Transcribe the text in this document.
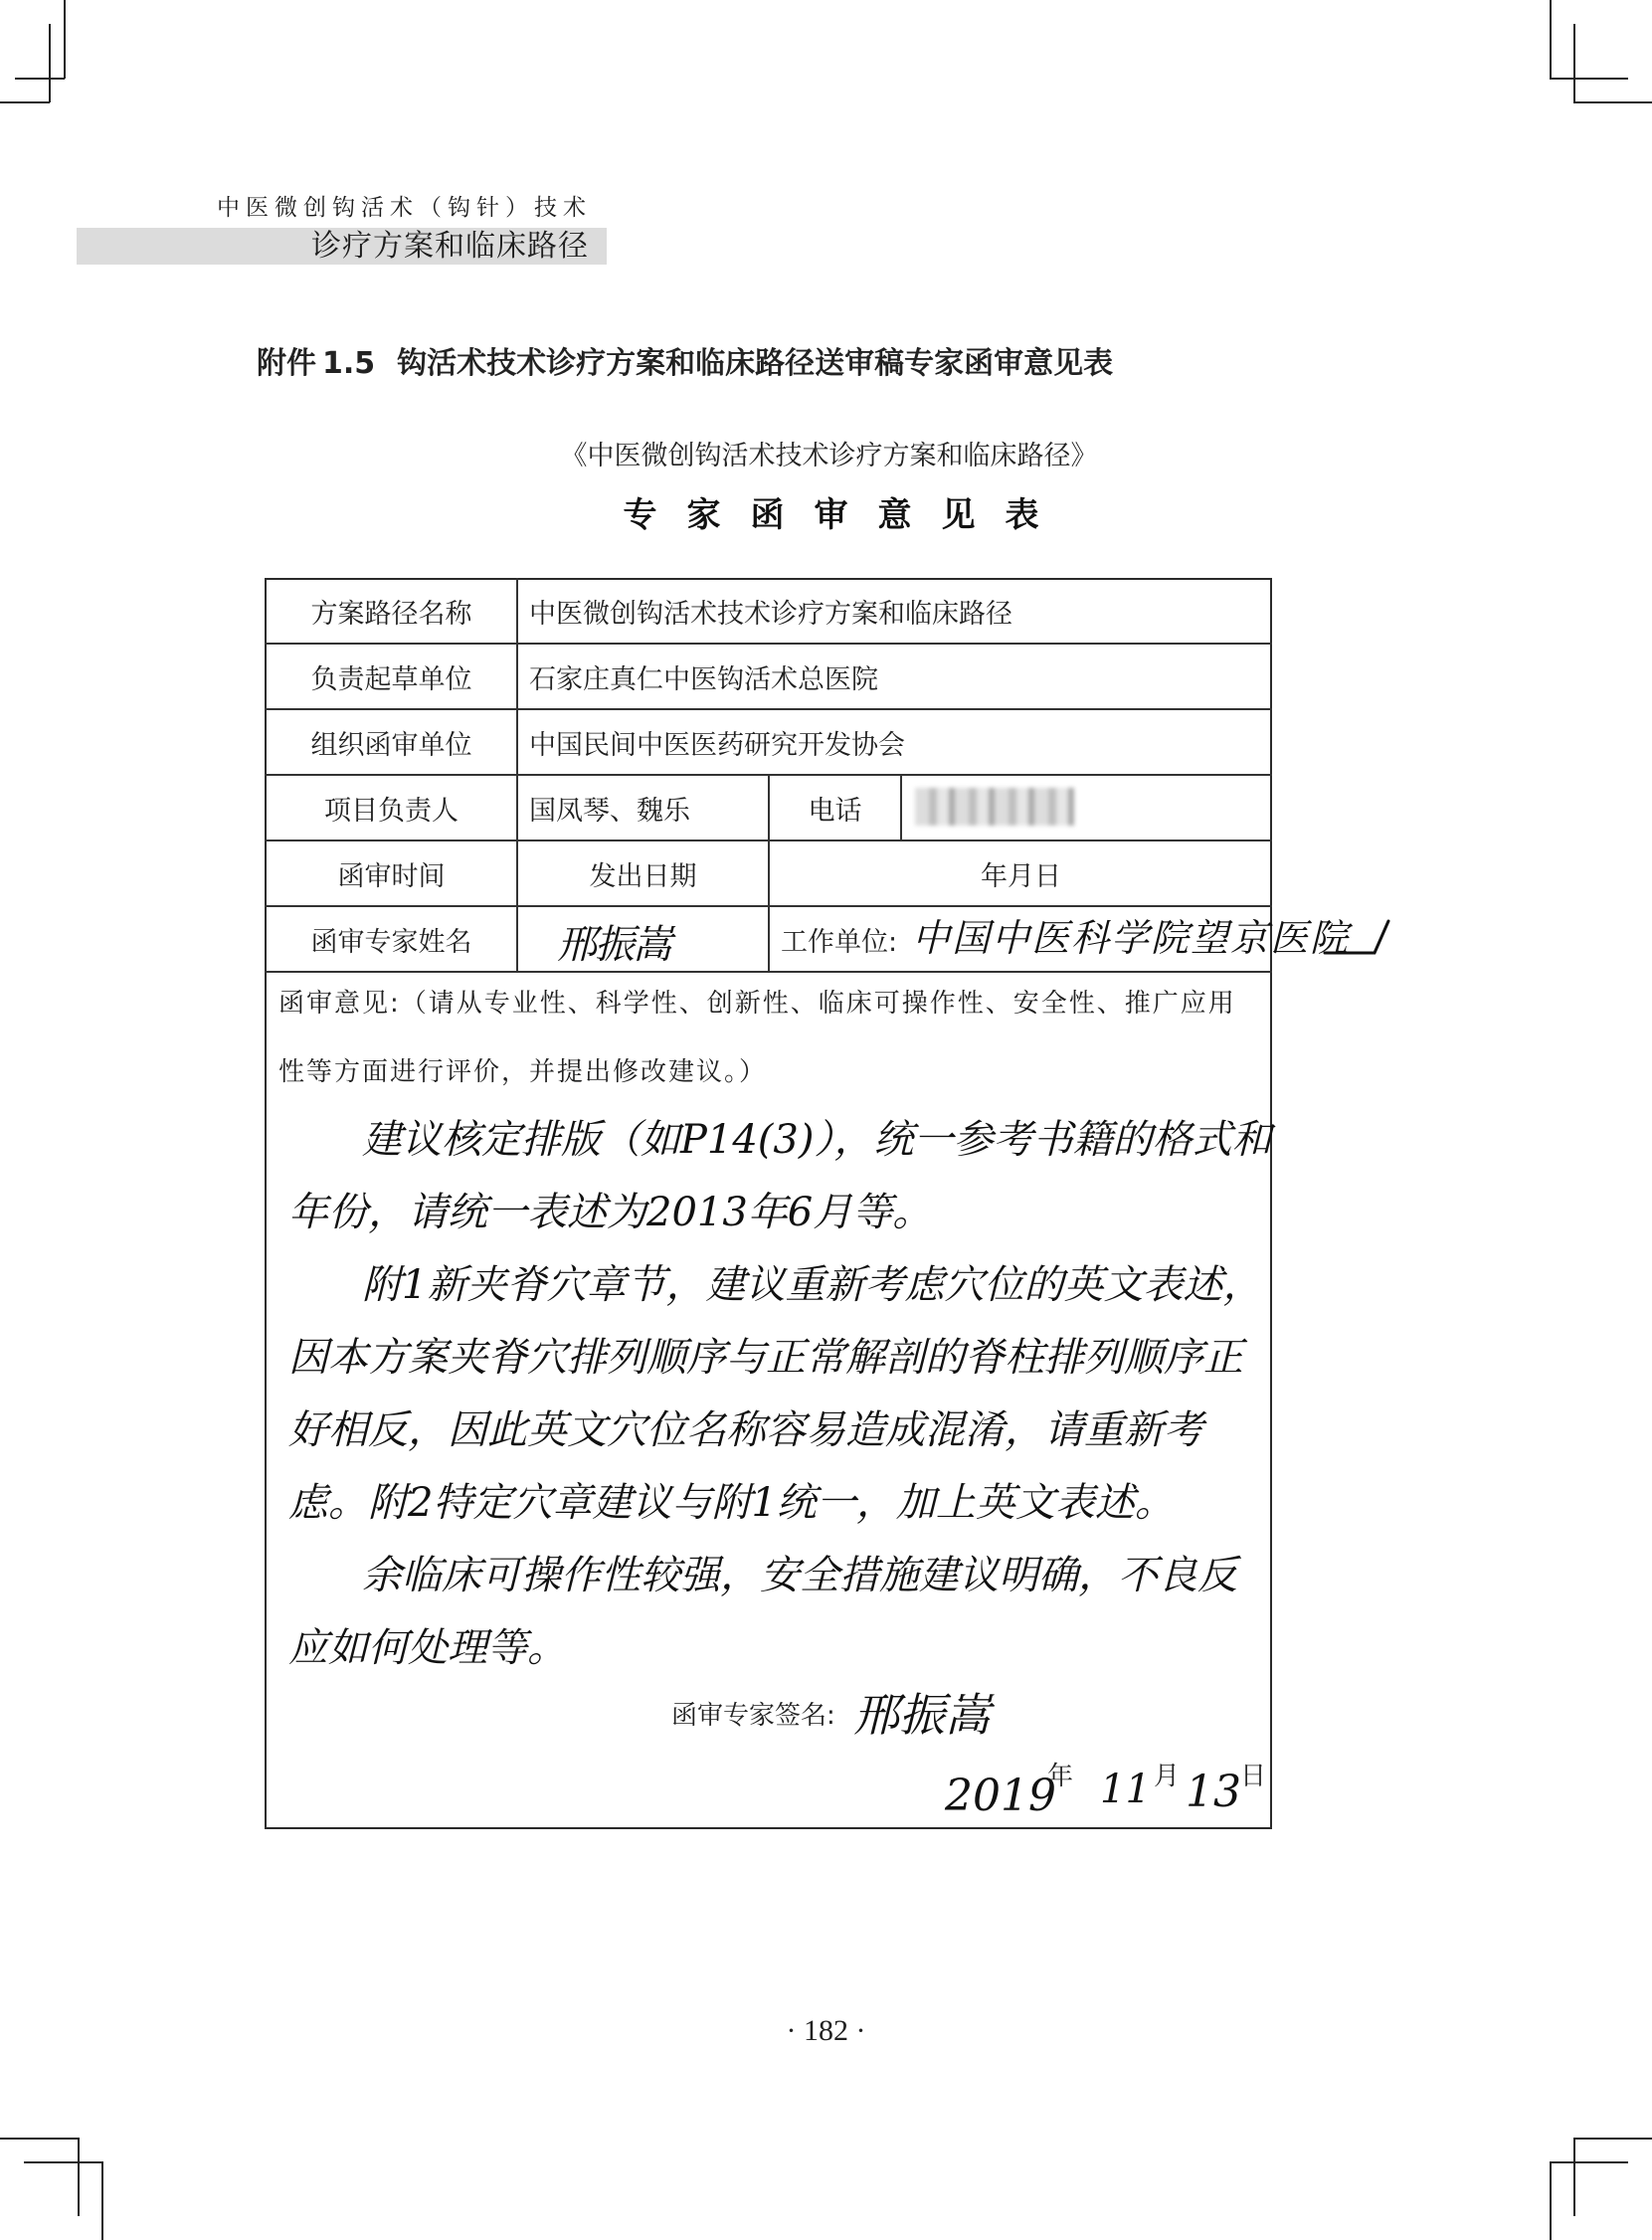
中医微创钩活术（钩针）技术
诊疗方案和临床路径
附件 1.5 钩活术技术诊疗方案和临床路径送审稿专家函审意见表
《中医微创钩活术技术诊疗方案和临床路径》
专家函审意见表
方案路径名称	中医微创钩活术技术诊疗方案和临床路径
负责起草单位	石家庄真仁中医钩活术总医院
组织函审单位	中国民间中医医药研究开发协会
项目负责人	国凤琴、魏乐	电话
函审时间	发出日期	年月日
函审专家姓名	邢振嵩	工作单位: 中国中医科学院望京医院
函审意见:（请从专业性、科学性、创新性、临床可操作性、安全性、推广应用
性等方面进行评价，并提出修改建议。）

建议核定排版（如P14(3)），统一参考书籍的格式和年份，请统一表述为2013年6月等。

附1新夹脊穴章节，建议重新考虑穴位的英文表述，因本方案夹脊穴排列顺序与正常解剖的脊柱排列顺序正好相反，因此英文穴位名称容易造成混淆，请重新考虑。附2特定穴章建议与附1统一，加上英文表述。

余临床可操作性较强，安全措施建议明确，不良反应如何处理等。

函审专家签名: 邢振嵩
2019
年 11 月 13 日
· 182 ·
